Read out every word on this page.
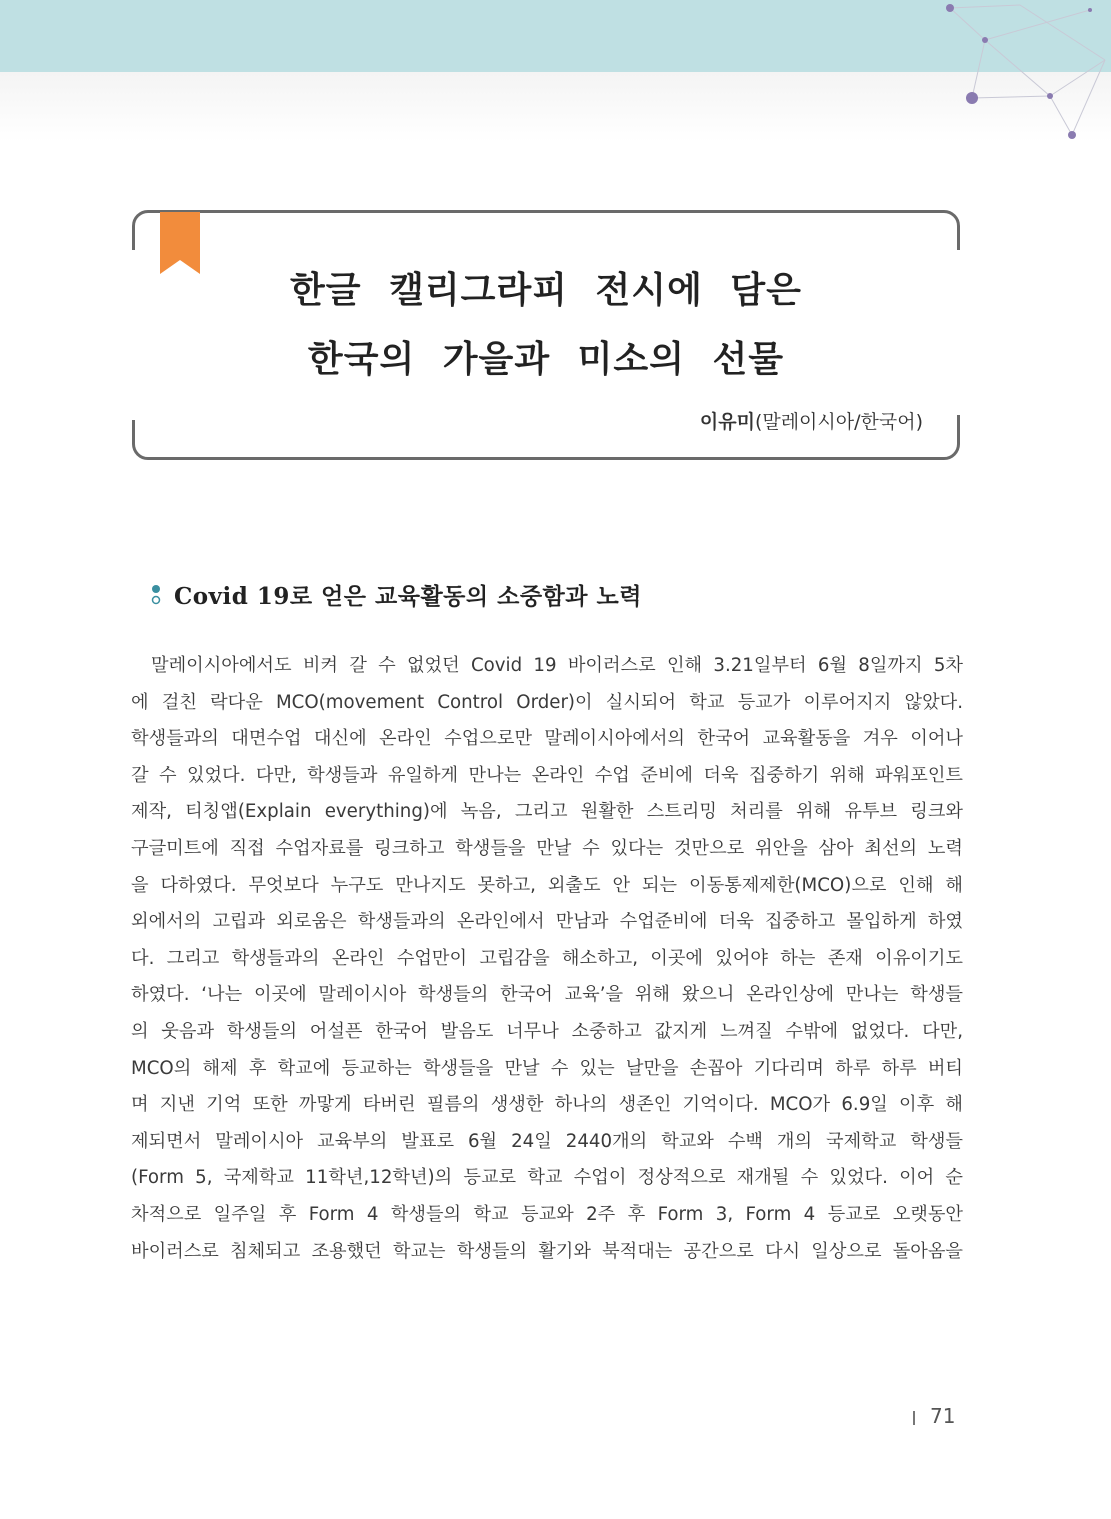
한글 캘리그라피 전시에 담은
한국의 가을과 미소의 선물
이유미(말레이시아/한국어)
Covid 19로 얻은 교육활동의 소중함과 노력
말레이시아에서도 비켜 갈 수 없었던 Covid 19 바이러스로 인해 3.21일부터 6월 8일까지 5차
에 걸친 락다운 MCO(movement Control Order)이 실시되어 학교 등교가 이루어지지 않았다.
학생들과의 대면수업 대신에 온라인 수업으로만 말레이시아에서의 한국어 교육활동을 겨우 이어나
갈 수 있었다. 다만, 학생들과 유일하게 만나는 온라인 수업 준비에 더욱 집중하기 위해 파워포인트
제작, 티칭앱(Explain everything)에 녹음, 그리고 원활한 스트리밍 처리를 위해 유투브 링크와
구글미트에 직접 수업자료를 링크하고 학생들을 만날 수 있다는 것만으로 위안을 삼아 최선의 노력
을 다하였다. 무엇보다 누구도 만나지도 못하고, 외출도 안 되는 이동통제제한(MCO)으로 인해 해
외에서의 고립과 외로움은 학생들과의 온라인에서 만남과 수업준비에 더욱 집중하고 몰입하게 하였
다. 그리고 학생들과의 온라인 수업만이 고립감을 해소하고, 이곳에 있어야 하는 존재 이유이기도
하였다. ‘나는 이곳에 말레이시아 학생들의 한국어 교육’을 위해 왔으니 온라인상에 만나는 학생들
의 웃음과 학생들의 어설픈 한국어 발음도 너무나 소중하고 값지게 느껴질 수밖에 없었다. 다만,
MCO의 해제 후 학교에 등교하는 학생들을 만날 수 있는 날만을 손꼽아 기다리며 하루 하루 버티
며 지낸 기억 또한 까맣게 타버린 필름의 생생한 하나의 생존인 기억이다. MCO가 6.9일 이후 해
제되면서 말레이시아 교육부의 발표로 6월 24일 2440개의 학교와 수백 개의 국제학교 학생들
(Form 5, 국제학교 11학년,12학년)의 등교로 학교 수업이 정상적으로 재개될 수 있었다. 이어 순
차적으로 일주일 후 Form 4 학생들의 학교 등교와 2주 후 Form 3, Form 4 등교로 오랫동안
바이러스로 침체되고 조용했던 학교는 학생들의 활기와 북적대는 공간으로 다시 일상으로 돌아옴을
71
